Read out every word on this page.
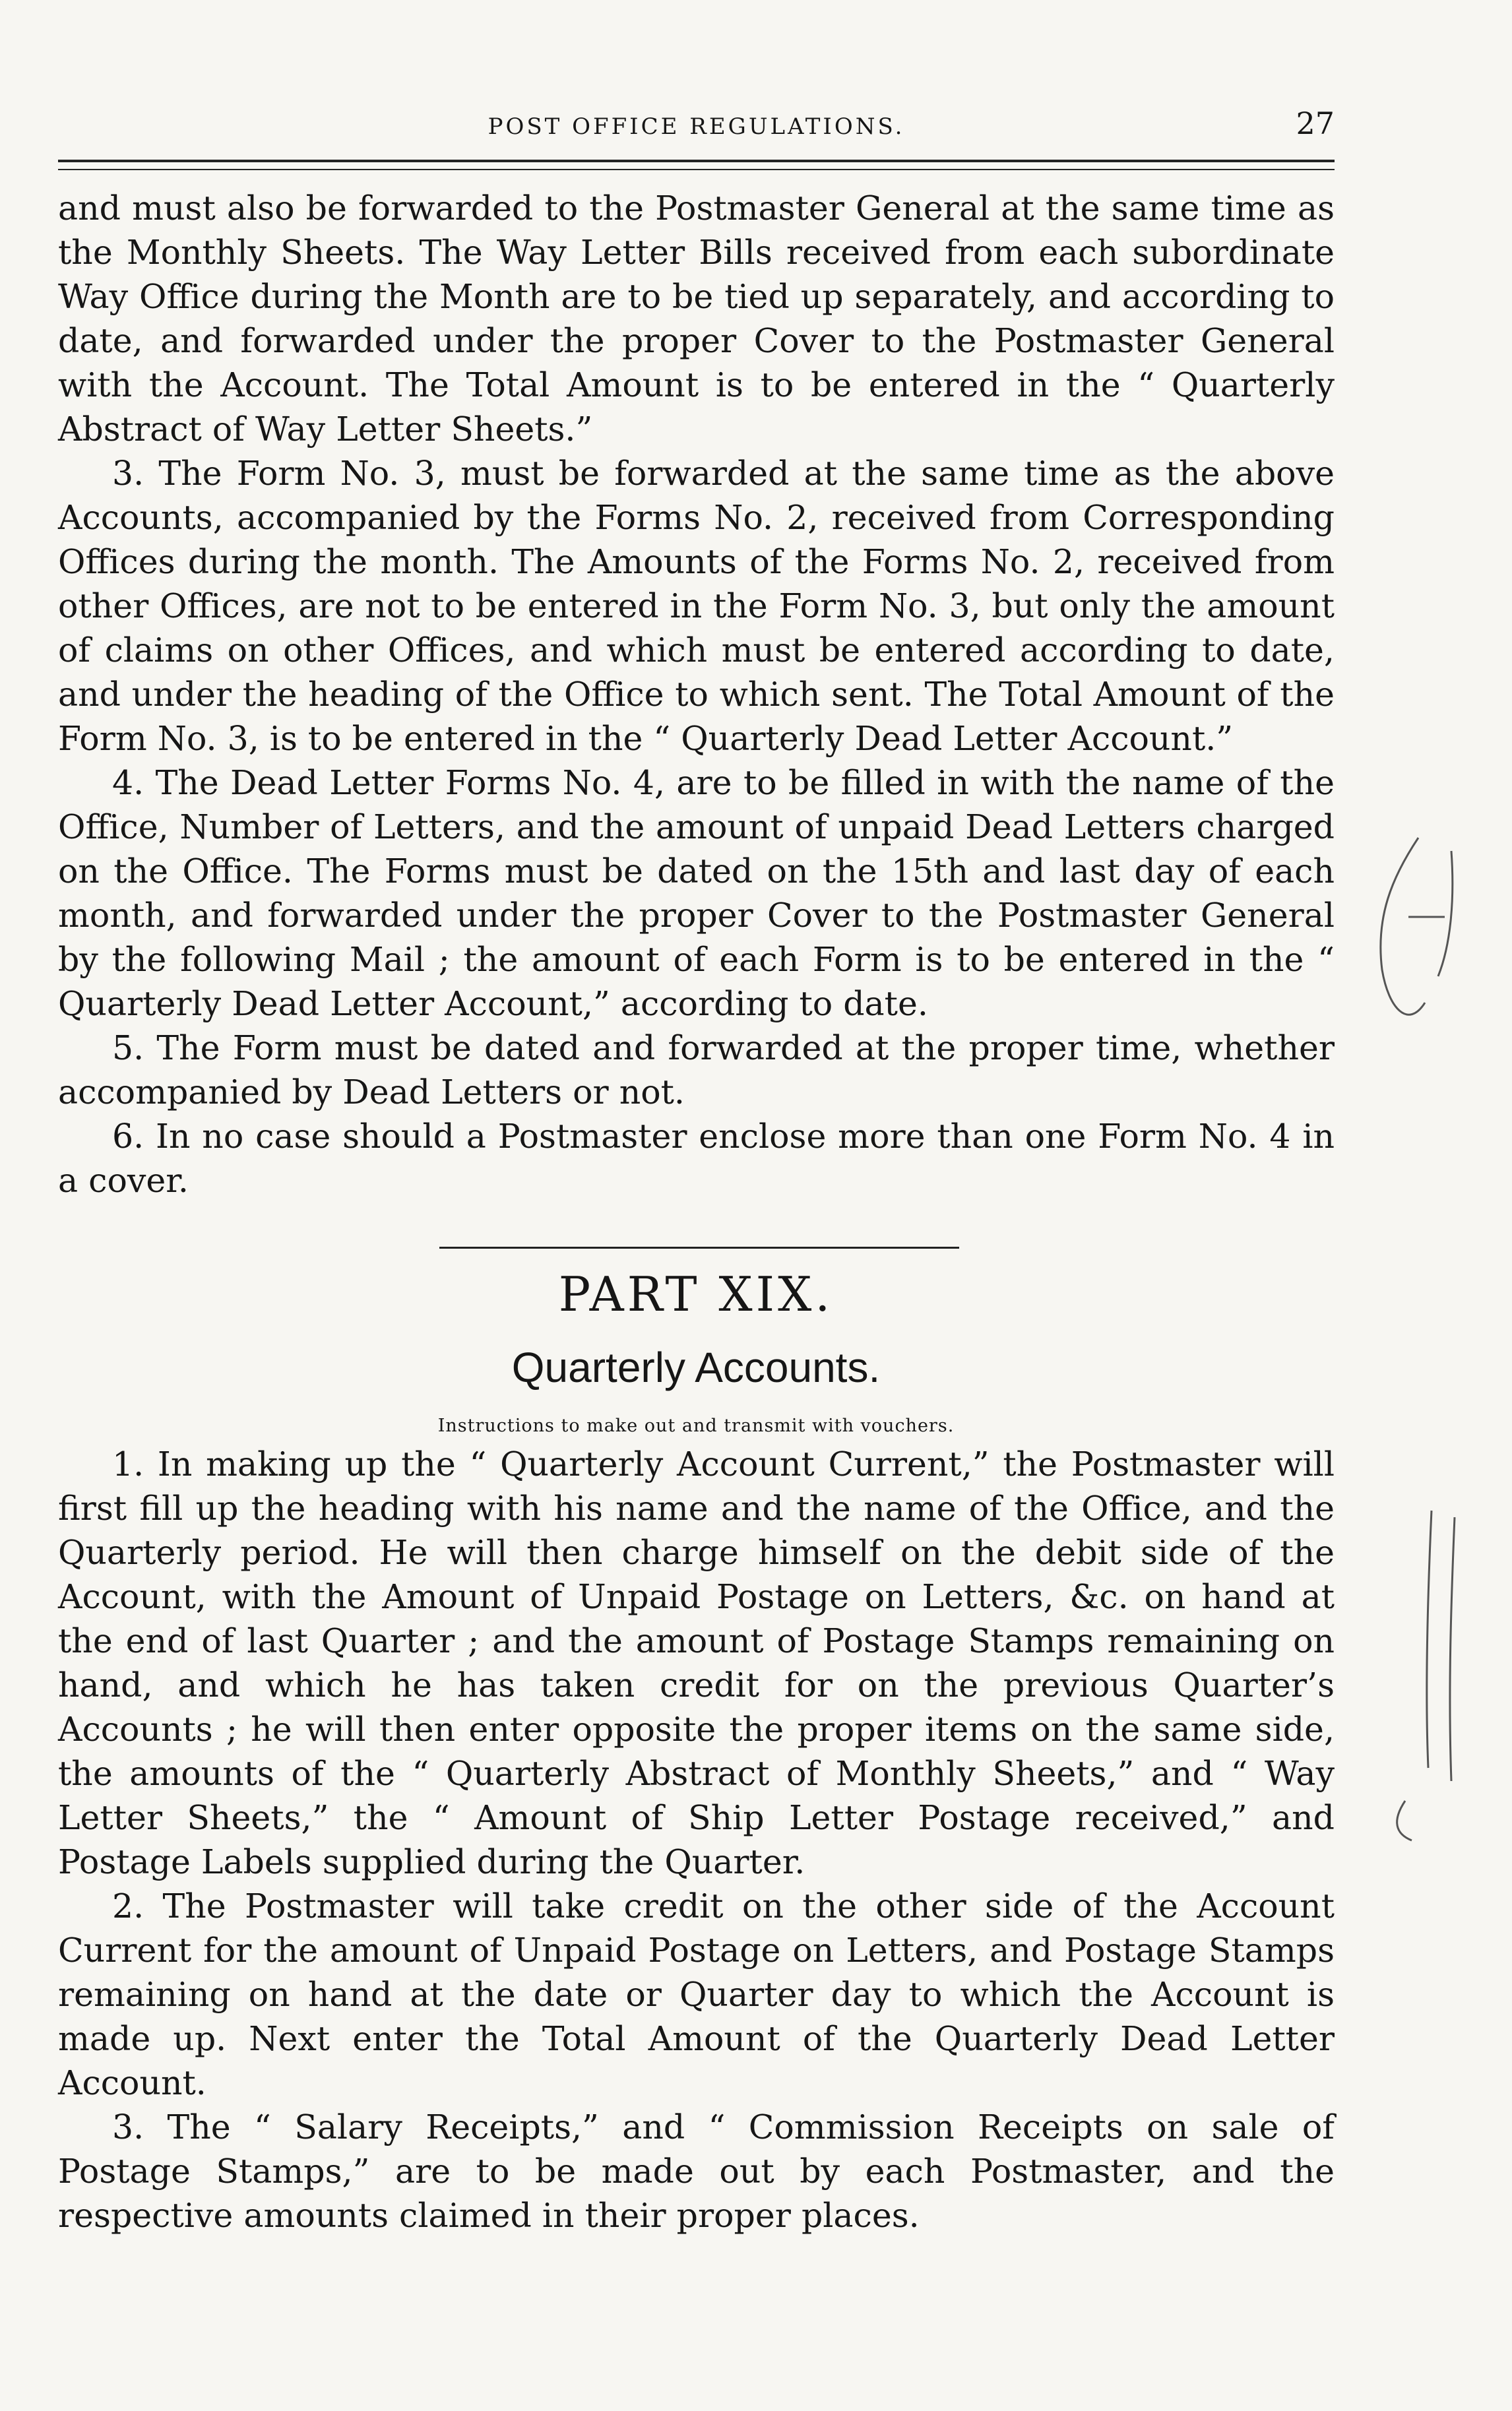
POST OFFICE REGULATIONS.	27

and must also be forwarded to the Postmaster General at the same time as the Monthly Sheets. The Way Letter Bills received from each subordinate Way Office during the Month are to be tied up separately, and according to date, and forwarded under the proper Cover to the Postmaster General with the Account. The Total Amount is to be entered in the “ Quarterly Abstract of Way Letter Sheets.”

3. The Form No. 3, must be forwarded at the same time as the above Accounts, accompanied by the Forms No. 2, received from Corresponding Offices during the month. The Amounts of the Forms No. 2, received from other Offices, are not to be entered in the Form No. 3, but only the amount of claims on other Offices, and which must be entered according to date, and under the heading of the Office to which sent. The Total Amount of the Form No. 3, is to be entered in the “ Quarterly Dead Letter Account.”

4. The Dead Letter Forms No. 4, are to be filled in with the name of the Office, Number of Letters, and the amount of unpaid Dead Letters charged on the Office. The Forms must be dated on the 15th and last day of each month, and forwarded under the proper Cover to the Postmaster General by the following Mail ; the amount of each Form is to be entered in the “ Quarterly Dead Letter Account,” according to date.

5. The Form must be dated and forwarded at the proper time, whether accompanied by Dead Letters or not.

6. In no case should a Postmaster enclose more than one Form No. 4 in a cover.

PART XIX.
Quarterly Accounts.
Instructions to make out and transmit with vouchers.

1. In making up the “ Quarterly Account Current,” the Postmaster will first fill up the heading with his name and the name of the Office, and the Quarterly period. He will then charge himself on the debit side of the Account, with the Amount of Unpaid Postage on Letters, &c. on hand at the end of last Quarter ; and the amount of Postage Stamps remaining on hand, and which he has taken credit for on the previous Quarter’s Accounts ; he will then enter opposite the proper items on the same side, the amounts of the “ Quarterly Abstract of Monthly Sheets,” and “ Way Letter Sheets,” the “ Amount of Ship Letter Postage received,” and Postage Labels supplied during the Quarter.

2. The Postmaster will take credit on the other side of the Account Current for the amount of Unpaid Postage on Letters, and Postage Stamps remaining on hand at the date or Quarter day to which the Account is made up. Next enter the Total Amount of the Quarterly Dead Letter Account.

3. The “ Salary Receipts,” and “ Commission Receipts on sale of Postage Stamps,” are to be made out by each Postmaster, and the respective amounts claimed in their proper places.
